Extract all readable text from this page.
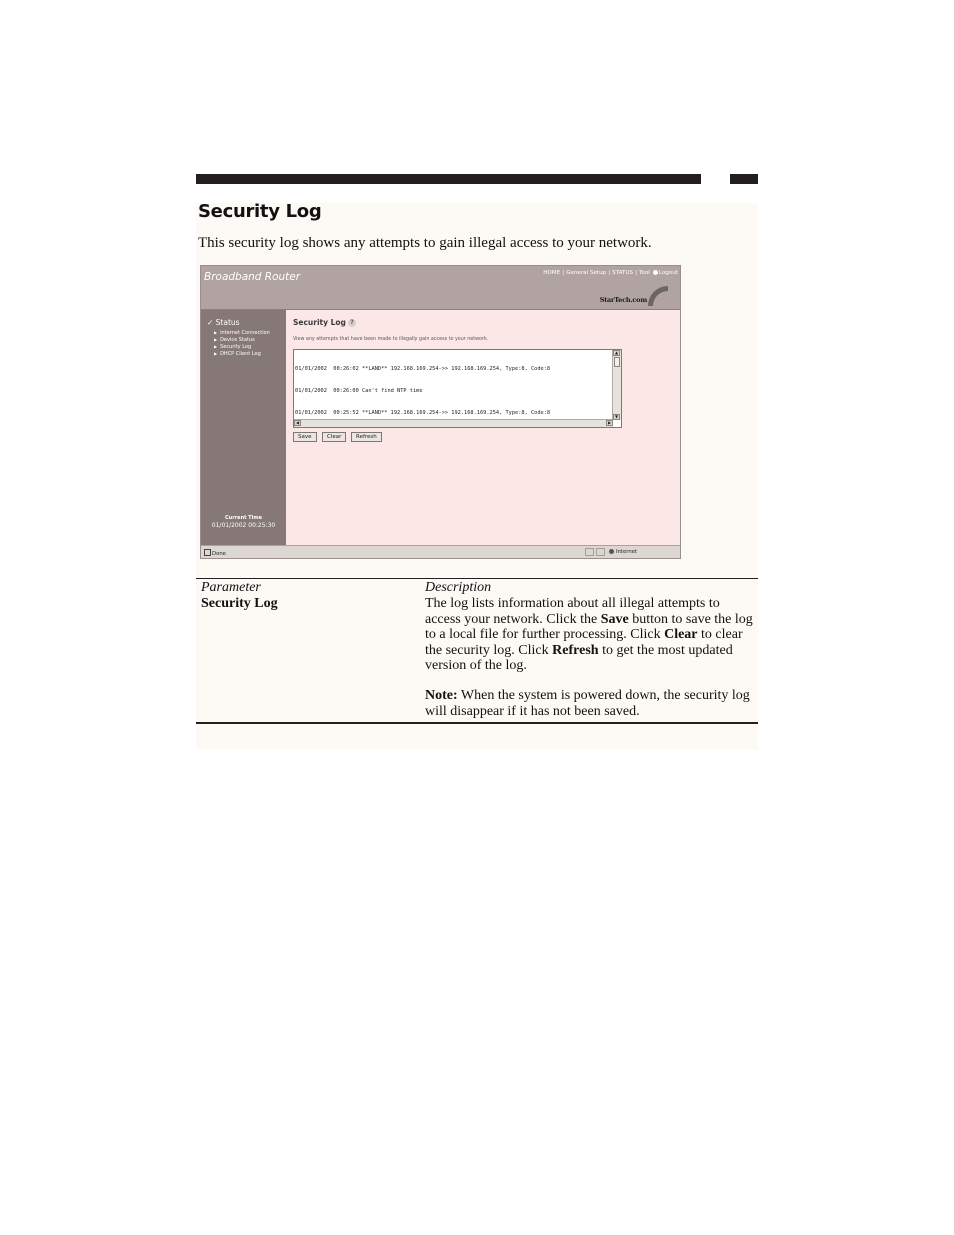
Security Log

This security log shows any attempts to gain illegal access to your network.

Broadband Router	HOME | General Setup | STATUS | Tool Logout
StarTech.com
✓ Status
▶ Internet Connection
▶ Device Status
▶ Security Log
▶ DHCP Client Log
Current Time
01/01/2002 00:25:30
Security Log ?
View any attempts that have been made to illegally gain access to your network.

01/01/2002  00:26:02 **LAND** 192.168.169.254->> 192.168.169.254, Type:8, Code:8

01/01/2002  00:26:00 Can't find NTP time

01/01/2002  00:25:52 **LAND** 192.168.169.254->> 192.168.169.254, Type:8, Code:8

▲
▼
◀	▶
Save	Clear	Refresh
Done	Internet
Parameter	Description
Security Log	The log lists information about all illegal attempts to access your network. Click the Save button to save the log to a local file for further processing. Click Clear to clear the security log. Click Refresh to get the most updated version of the log.

Note: When the system is powered down, the security log will disappear if it has not been saved.
